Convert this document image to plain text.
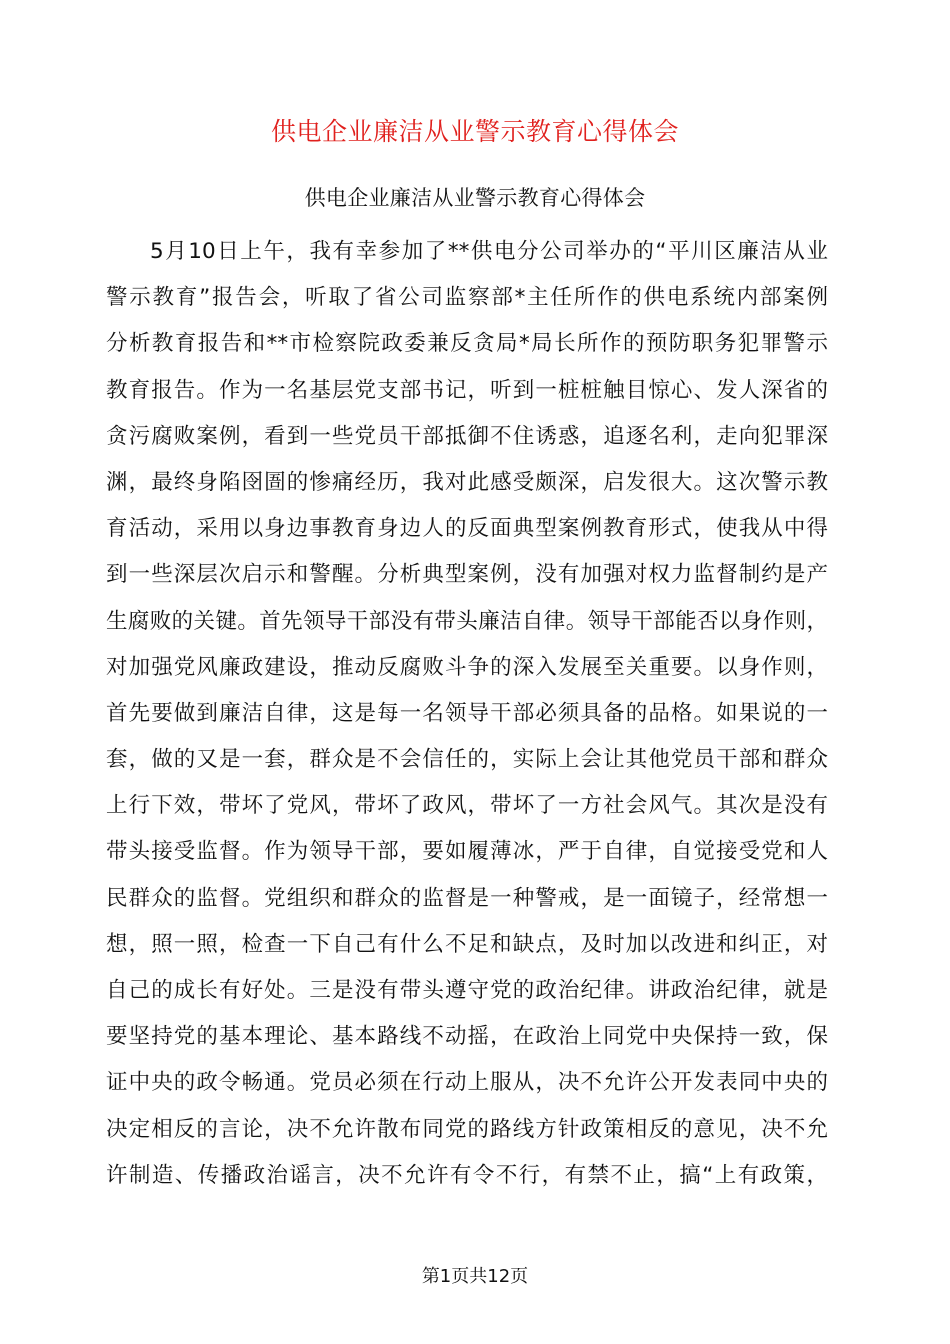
供电企业廉洁从业警示教育心得体会
供电企业廉洁从业警示教育心得体会
5月10日上午，我有幸参加了**供电分公司举办的“平川区廉洁从业
警示教育”报告会，听取了省公司监察部*主任所作的供电系统内部案例
分析教育报告和**市检察院政委兼反贪局*局长所作的预防职务犯罪警示
教育报告。作为一名基层党支部书记，听到一桩桩触目惊心、发人深省的
贪污腐败案例，看到一些党员干部抵御不住诱惑，追逐名利，走向犯罪深
渊，最终身陷囹圄的惨痛经历，我对此感受颇深，启发很大。这次警示教
育活动，采用以身边事教育身边人的反面典型案例教育形式，使我从中得
到一些深层次启示和警醒。分析典型案例，没有加强对权力监督制约是产
生腐败的关键。首先领导干部没有带头廉洁自律。领导干部能否以身作则，
对加强党风廉政建设，推动反腐败斗争的深入发展至关重要。以身作则，
首先要做到廉洁自律，这是每一名领导干部必须具备的品格。如果说的一
套，做的又是一套，群众是不会信任的，实际上会让其他党员干部和群众
上行下效，带坏了党风，带坏了政风，带坏了一方社会风气。其次是没有
带头接受监督。作为领导干部，要如履薄冰，严于自律，自觉接受党和人
民群众的监督。党组织和群众的监督是一种警戒，是一面镜子，经常想一
想，照一照，检查一下自己有什么不足和缺点，及时加以改进和纠正，对
自己的成长有好处。三是没有带头遵守党的政治纪律。讲政治纪律，就是
要坚持党的基本理论、基本路线不动摇，在政治上同党中央保持一致，保
证中央的政令畅通。党员必须在行动上服从，决不允许公开发表同中央的
决定相反的言论，决不允许散布同党的路线方针政策相反的意见，决不允
许制造、传播政治谣言，决不允许有令不行，有禁不止，搞“上有政策，
第1页共12页
